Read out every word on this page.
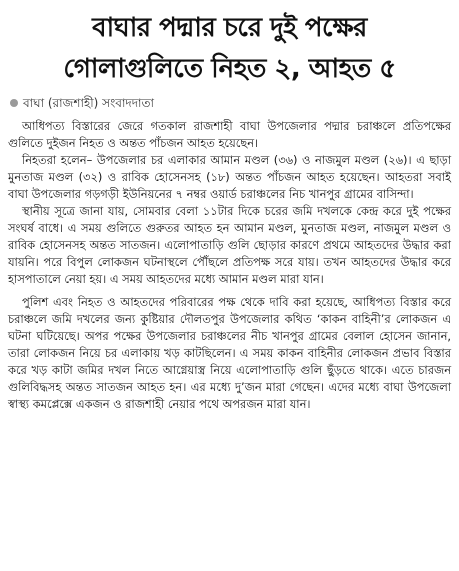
বাঘার পদ্মার চরে দুই পক্ষের
গোলাগুলিতে নিহত ২, আহত ৫
বাঘা (রাজশাহী) সংবাদদাতা

আধিপত্য বিস্তারের জেরে গতকাল রাজশাহী বাঘা উপজেলার পদ্মার চরাঞ্চলে প্রতিপক্ষের গুলিতে দুইজন নিহত ও অন্তত পাঁচজন আহত হয়েছেন।

নিহতরা হলেন– উপজেলার চর এলাকার আমান মণ্ডল (৩৬) ও নাজমুল মণ্ডল (২৬)। এ ছাড়া মুনতাজ মণ্ডল (৩২) ও রাবিক হোসেনসহ (১৮) অন্তত পাঁচজন আহত হয়েছেন। আহতরা সবাই বাঘা উপজেলার গড়গড়ী ইউনিয়নের ৭ নম্বর ওয়ার্ড চরাঞ্চলের নিচ খানপুর গ্রামের বাসিন্দা।

স্থানীয় সূত্রে জানা যায়, সোমবার বেলা ১১টার দিকে চরের জমি দখলকে কেন্দ্র করে দুই পক্ষের সংঘর্ষ বাধে। এ সময় গুলিতে গুরুতর আহত হন আমান মণ্ডল, মুনতাজ মণ্ডল, নাজমুল মণ্ডল ও রাবিক হোসেনসহ অন্তত সাতজন। এলোপাতাড়ি গুলি ছোড়ার কারণে প্রথমে আহতদের উদ্ধার করা যায়নি। পরে বিপুল লোকজন ঘটনাস্থলে পৌঁছলে প্রতিপক্ষ সরে যায়। তখন আহতদের উদ্ধার করে হাসপাতালে নেয়া হয়। এ সময় আহতদের মধ্যে আমান মণ্ডল মারা যান।

পুলিশ এবং নিহত ও আহতদের পরিবারের পক্ষ থেকে দাবি করা হয়েছে, আধিপত্য বিস্তার করে চরাঞ্চলে জমি দখলের জন্য কুষ্টিয়ার দৌলতপুর উপজেলার কথিত ‘কাকন বাহিনী’র লোকজন এ ঘটনা ঘটিয়েছে। অপর পক্ষের উপজেলার চরাঞ্চলের নীচ খানপুর গ্রামের বেলাল হোসেন জানান, তারা লোকজন নিয়ে চর এলাকায় খড় কাটছিলেন। এ সময় কাকন বাহিনীর লোকজন প্রভাব বিস্তার করে খড় কাটা জমির দখল নিতে আগ্নেয়াস্ত্র নিয়ে এলোপাতাড়ি গুলি ছুঁড়তে থাকে। এতে চারজন গুলিবিদ্ধসহ অন্তত সাতজন আহত হন। এর মধ্যে দু’জন মারা গেছেন। এদের মধ্যে বাঘা উপজেলা স্বাস্থ্য কমপ্লেক্সে একজন ও রাজশাহী নেয়ার পথে অপরজন মারা যান।
